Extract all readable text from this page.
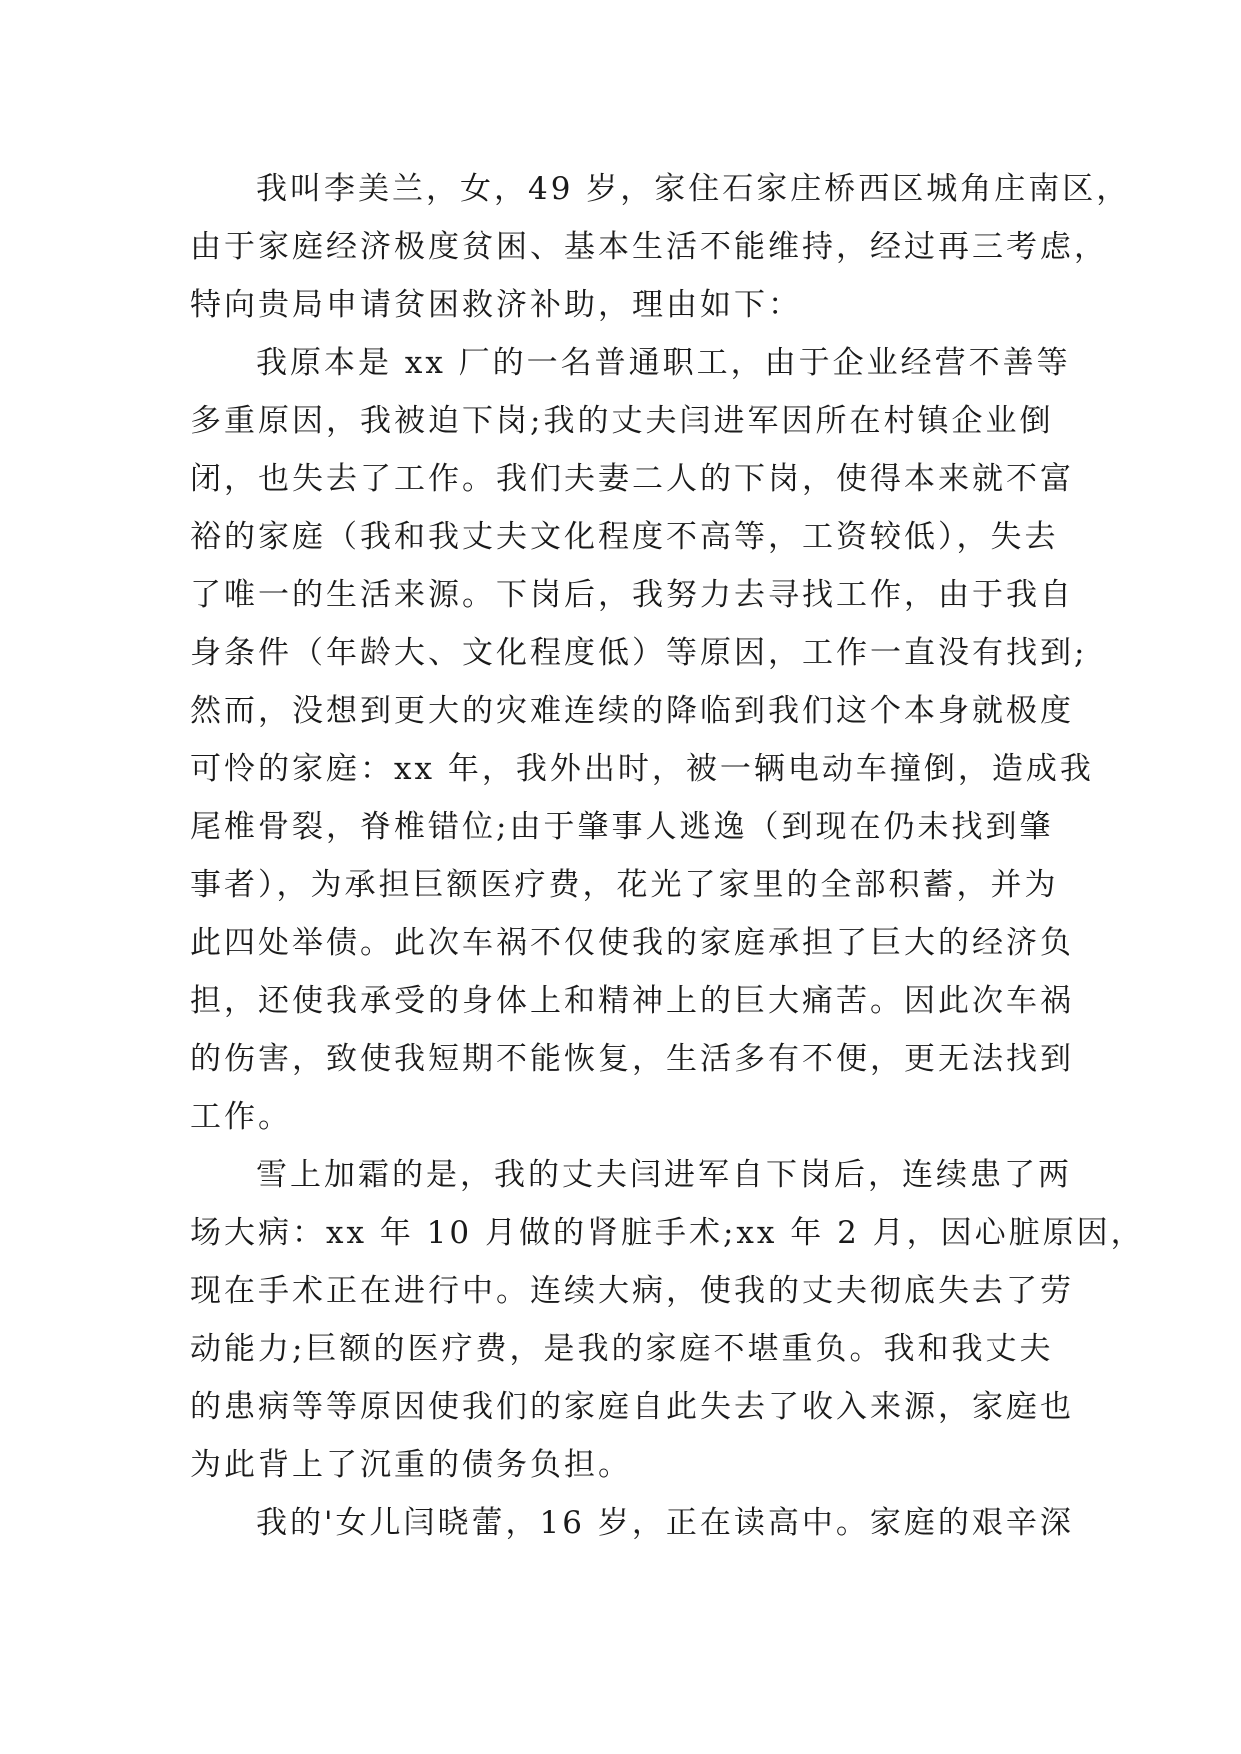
我叫李美兰，女，49 岁，家住石家庄桥西区城角庄南区，
由于家庭经济极度贫困、基本生活不能维持，经过再三考虑，
特向贵局申请贫困救济补助，理由如下：
我原本是 xx 厂的一名普通职工，由于企业经营不善等
多重原因，我被迫下岗;我的丈夫闫进军因所在村镇企业倒
闭，也失去了工作。我们夫妻二人的下岗，使得本来就不富
裕的家庭（我和我丈夫文化程度不高等，工资较低），失去
了唯一的生活来源。下岗后，我努力去寻找工作，由于我自
身条件（年龄大、文化程度低）等原因，工作一直没有找到;
然而，没想到更大的灾难连续的降临到我们这个本身就极度
可怜的家庭：xx 年，我外出时，被一辆电动车撞倒，造成我
尾椎骨裂，脊椎错位;由于肇事人逃逸（到现在仍未找到肇
事者），为承担巨额医疗费，花光了家里的全部积蓄，并为
此四处举债。此次车祸不仅使我的家庭承担了巨大的经济负
担，还使我承受的身体上和精神上的巨大痛苦。因此次车祸
的伤害，致使我短期不能恢复，生活多有不便，更无法找到
工作。
雪上加霜的是，我的丈夫闫进军自下岗后，连续患了两
场大病：xx 年 10 月做的肾脏手术;xx 年 2 月，因心脏原因，
现在手术正在进行中。连续大病，使我的丈夫彻底失去了劳
动能力;巨额的医疗费，是我的家庭不堪重负。我和我丈夫
的患病等等原因使我们的家庭自此失去了收入来源，家庭也
为此背上了沉重的债务负担。
我的'女儿闫晓蕾，16 岁，正在读高中。家庭的艰辛深
